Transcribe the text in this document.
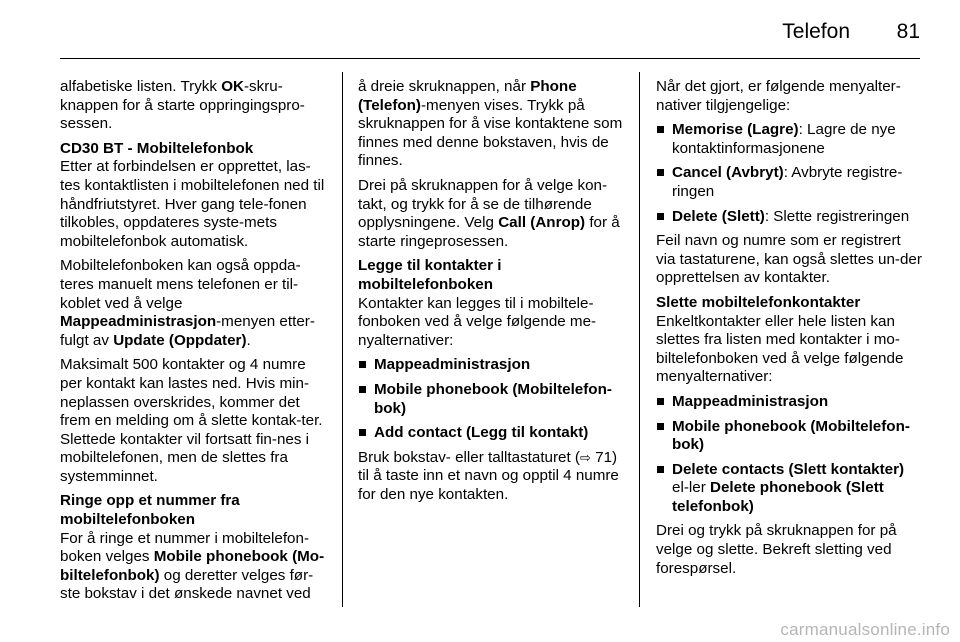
Telefon 81

alfabetiske listen. Trykk OK-skru-knappen for å starte oppringingspro-sessen.

CD30 BT - Mobiltelefonbok

Etter at forbindelsen er opprettet, las-tes kontaktlisten i mobiltelefonen ned til håndfriutstyret. Hver gang tele-fonen tilkobles, oppdateres syste-mets mobiltelefonbok automatisk.

Mobiltelefonboken kan også oppda-teres manuelt mens telefonen er til-koblet ved å velge Mappeadministrasjon-menyen etter-fulgt av Update (Oppdater).

Maksimalt 500 kontakter og 4 numre per kontakt kan lastes ned. Hvis min-neplassen overskrides, kommer det frem en melding om å slette kontak-ter. Slettede kontakter vil fortsatt fin-nes i mobiltelefonen, men de slettes fra systemminnet.

Ringe opp et nummer fra mobiltelefonboken

For å ringe et nummer i mobiltelefon-boken velges Mobile phonebook (Mo-biltelefonbok) og deretter velges før-ste bokstav i det ønskede navnet ved

å dreie skruknappen, når Phone (Telefon)-menyen vises. Trykk på skruknappen for å vise kontaktene som finnes med denne bokstaven, hvis de finnes.

Drei på skruknappen for å velge kon-takt, og trykk for å se de tilhørende opplysningene. Velg Call (Anrop) for å starte ringeprosessen.

Legge til kontakter i mobiltelefonboken

Kontakter kan legges til i mobiltele-fonboken ved å velge følgende me-nyalternativer:

Mappeadministrasjon
Mobile phonebook (Mobiltelefon-bok)
Add contact (Legg til kontakt)

Bruk bokstav- eller talltastaturet (⇨ 71) til å taste inn et navn og opptil 4 numre for den nye kontakten.

Når det gjort, er følgende menyalter-nativer tilgjengelige:

Memorise (Lagre): Lagre de nye kontaktinformasjonene
Cancel (Avbryt): Avbryte registre-ringen
Delete (Slett): Slette registreringen

Feil navn og numre som er registrert via tastaturene, kan også slettes un-der opprettelsen av kontakter.

Slette mobiltelefonkontakter

Enkeltkontakter eller hele listen kan slettes fra listen med kontakter i mo-biltelefonboken ved å velge følgende menyalternativer:

Mappeadministrasjon
Mobile phonebook (Mobiltelefon-bok)
Delete contacts (Slett kontakter) el-ler Delete phonebook (Slett telefonbok)

Drei og trykk på skruknappen for på velge og slette. Bekreft sletting ved forespørsel.

carmanualsonline.info
